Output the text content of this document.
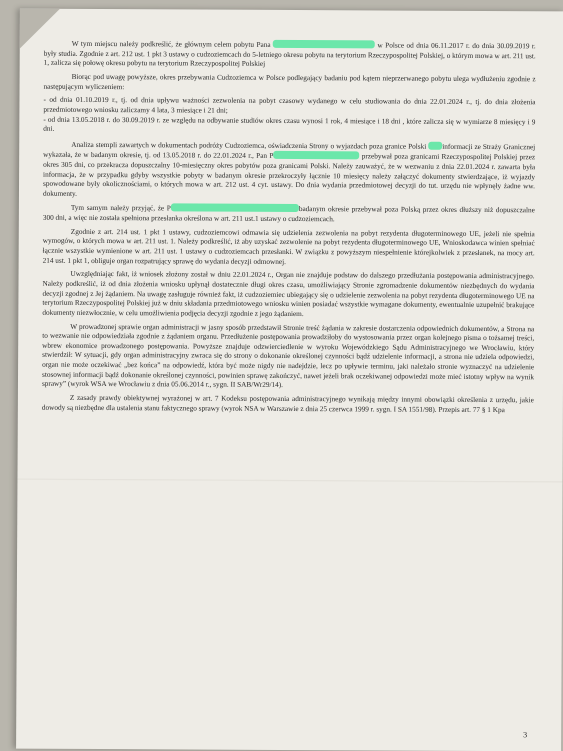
W tym miejscu należy podkreślić, że głównym celem pobytu Pana	w Polsce od dnia 06.11.2017 r. do dnia 30.09.2019 r. były studia. Zgodnie z art. 212 ust. 1 pkt 3 ustawy o cudzoziemcach do 5-letniego okresu pobytu na terytorium Rzeczypospolitej Polskiej, o którym mowa w art. 211 ust. 1, zalicza się połowę okresu pobytu na terytorium Rzeczypospolitej Polskiej

Biorąc pod uwagę powyższe, okres przebywania Cudzoziemca w Polsce podlegający badaniu pod kątem nieprzerwanego pobytu ulega wydłużeniu zgodnie z następującym wyliczeniem:

- od dnia 01.10.2019 r., tj. od dnia upływu ważności zezwolenia na pobyt czasowy wydanego w celu studiowania do dnia 22.01.2024 r., tj. do dnia złożenia przedmiotowego wniosku zaliczamy 4 lata, 3 miesiące i 21 dni;

- od dnia 13.05.2018 r. do 30.09.2019 r. ze względu na odbywanie studiów okres czasu wynosi 1 rok, 4 miesiące i 18 dni , które zalicza się w wymiarze 8 miesięcy i 9 dni.

Analiza stempli zawartych w dokumentach podróży Cudzoziemca, oświadczenia Strony o wyjazdach poza granice Polski informacji ze Straży Granicznej wykazała, że w badanym okresie, tj. od 13.05.2018 r. do 22.01.2024 r., Pan P	przebywał poza granicami Rzeczypospolitej Polskiej przez okres 305 dni, co przekracza dopuszczalny 10-miesięczny okres pobytów poza granicami Polski. Należy zauważyć, że w wezwaniu z dnia 22.01.2024 r. zawarta była informacja, że w przypadku gdyby wszystkie pobyty w badanym okresie przekroczyły łącznie 10 miesięcy należy załączyć dokumenty stwierdzające, iż wyjazdy spowodowane były okolicznościami, o których mowa w art. 212 ust. 4 cyt. ustawy. Do dnia wydania przedmiotowej decyzji do tut. urzędu nie wpłynęły żadne ww. dokumenty.

Tym samym należy przyjąć, że P	badanym okresie przebywał poza Polską przez okres dłuższy niż dopuszczalne 300 dni, a więc nie została spełniona przesłanka określona w art. 211 ust.1 ustawy o cudzoziemcach.

Zgodnie z art. 214 ust. 1 pkt 1 ustawy, cudzoziemcowi odmawia się udzielenia zezwolenia na pobyt rezydenta długoterminowego UE, jeżeli nie spełnia wymogów, o których mowa w art. 211 ust. 1. Należy podkreślić, iż aby uzyskać zezwolenie na pobyt rezydenta długoterminowego UE, Wnioskodawca winien spełniać łącznie wszystkie wymienione w art. 211 ust. 1 ustawy o cudzoziemcach przesłanki. W związku z powyższym niespełnienie którejkolwiek z przesłanek, na mocy art. 214 ust. 1 pkt 1, obliguje organ rozpatrujący sprawę do wydania decyzji odmownej.

Uwzględniając fakt, iż wniosek złożony został w dniu 22.01.2024 r., Organ nie znajduje podstaw do dalszego przedłużania postępowania administracyjnego. Należy podkreślić, iż od dnia złożenia wniosku upłynął dostatecznie długi okres czasu, umożliwiający Stronie zgromadzenie dokumentów niezbędnych do wydania decyzji zgodnej z Jej żądaniem. Na uwagę zasługuje również fakt, iż cudzoziemiec ubiegający się o udzielenie zezwolenia na pobyt rezydenta długoterminowego UE na terytorium Rzeczypospolitej Polskiej już w dniu składania przedmiotowego wniosku winien posiadać wszystkie wymagane dokumenty, ewentualnie uzupełnić brakujące dokumenty niezwłocznie, w celu umożliwienia podjęcia decyzji zgodnie z jego żądaniem.

W prowadzonej sprawie organ administracji w jasny sposób przedstawił Stronie treść żądania w zakresie dostarczenia odpowiednich dokumentów, a Strona na to wezwanie nie odpowiedziała zgodnie z żądaniem organu. Przedłużenie postępowania prowadziłoby do wystosowania przez organ kolejnego pisma o tożsamej treści, wbrew ekonomice prowadzonego postępowania. Powyższe znajduje odzwierciedlenie w wyroku Wojewódzkiego Sądu Administracyjnego we Wrocławiu, który stwierdził: W sytuacji, gdy organ administracyjny zwraca się do strony o dokonanie określonej czynności bądź udzielenie informacji, a strona nie udziela odpowiedzi, organ nie może oczekiwać „bez końca” na odpowiedź, która być może nigdy nie nadejdzie, lecz po upływie terminu, jaki należało stronie wyznaczyć na udzielenie stosownej informacji bądź dokonanie określonej czynności, powinien sprawę zakończyć, nawet jeżeli brak oczekiwanej odpowiedzi może mieć istotny wpływ na wynik sprawy” (wyrok WSA we Wrocławiu z dnia 05.06.2014 r., sygn. II SAB/Wr29/14).

Z zasady prawdy obiektywnej wyrażonej w art. 7 Kodeksu postępowania administracyjnego wynikają między innymi obowiązki określenia z urzędu, jakie dowody są niezbędne dla ustalenia stanu faktycznego sprawy (wyrok NSA w Warszawie z dnia 25 czerwca 1999 r. sygn. I SA 1551/98). Przepis art. 77 § 1 Kpa

3
